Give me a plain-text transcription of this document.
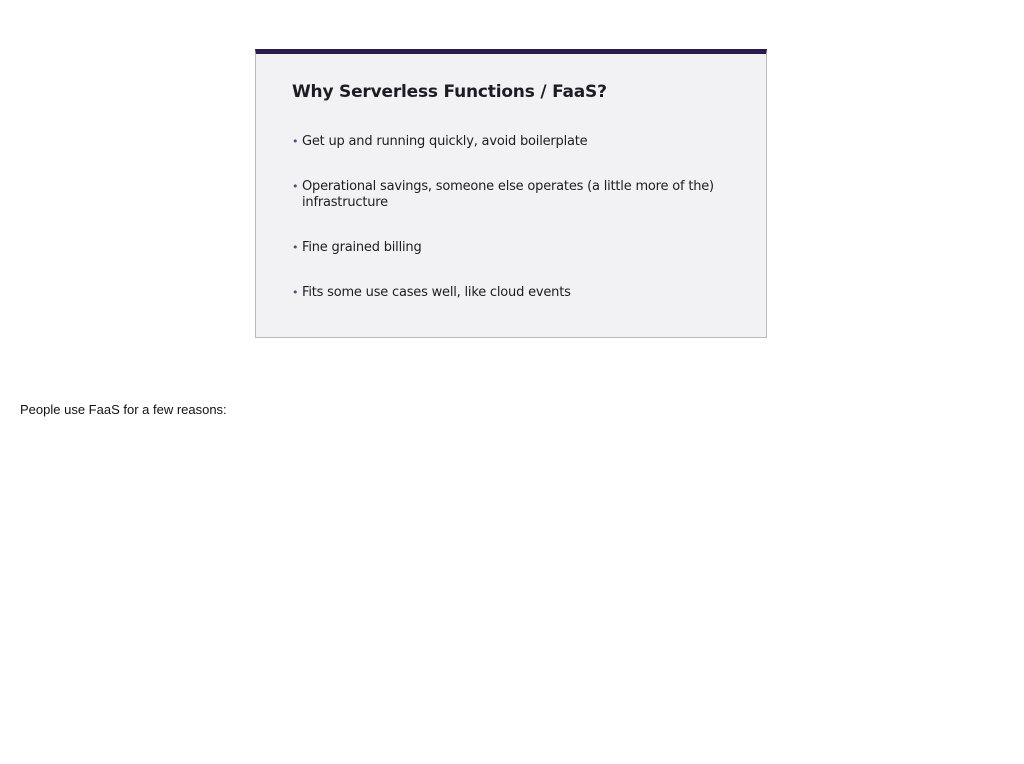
Why Serverless Functions / FaaS?
• Get up and running quickly, avoid boilerplate
• Operational savings, someone else operates (a little more of the) infrastructure
• Fine grained billing
• Fits some use cases well, like cloud events
People use FaaS for a few reasons:
